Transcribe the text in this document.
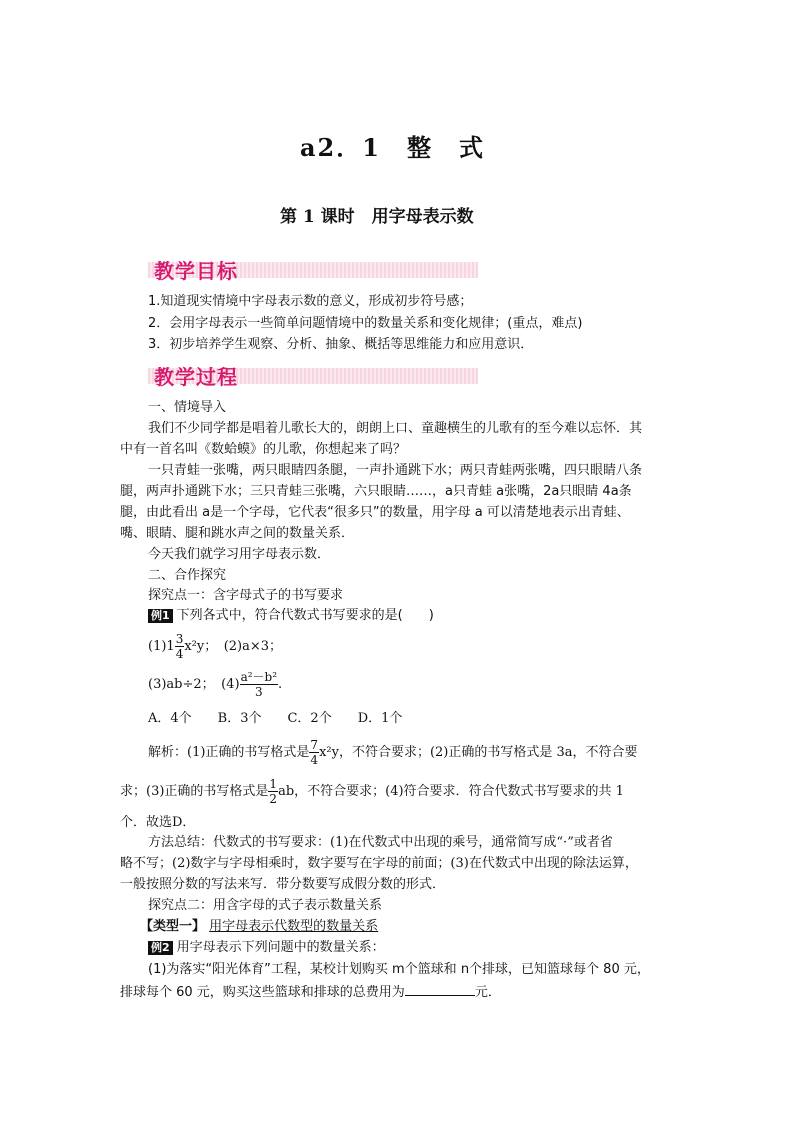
a2．1　整　式
第 1 课时　用字母表示数
教学目标
1.知道现实情境中字母表示数的意义，形成初步符号感；
2．会用字母表示一些简单问题情境中的数量关系和变化规律；(重点，难点)
3．初步培养学生观察、分析、抽象、概括等思维能力和应用意识．
教学过程
一、情境导入
我们不少同学都是唱着儿歌长大的，朗朗上口、童趣横生的儿歌有的至今难以忘怀．其
中有一首名叫《数蛤蟆》的儿歌，你想起来了吗？
一只青蛙一张嘴，两只眼睛四条腿，一声扑通跳下水；两只青蛙两张嘴，四只眼睛八条
腿，两声扑通跳下水；三只青蛙三张嘴，六只眼睛……，a只青蛙 a张嘴，2a只眼睛 4a条
腿，由此看出 a是一个字母，它代表“很多只”的数量，用字母 a 可以清楚地表示出青蛙、
嘴、眼睛、腿和跳水声之间的数量关系．
今天我们就学习用字母表示数．
二、合作探究
探究点一：含字母式子的书写要求
例1 下列各式中，符合代数式书写要求的是(　　)
$(1)1 \frac{3}{4} x^2y$；　(2)a×3；
(3)ab÷2；　$(4) \frac{\text{a²－b²}}{3}$ .
A．4个　　B．3个　　C．2个　　D．1个
解析：(1)正确的书写格式是 $\frac{7}{4} x^2y$，不符合要求；(2)正确的书写格式是 3a，不符合要
求；(3)正确的书写格式是 $\frac{1}{2}$ ab，不符合要求；(4)符合要求．符合代数式书写要求的共 1
个．故选D．
方法总结：代数式的书写要求：(1)在代数式中出现的乘号，通常简写成“·”或者省
略不写；(2)数字与字母相乘时，数字要写在字母的前面；(3)在代数式中出现的除法运算，
一般按照分数的写法来写．带分数要写成假分数的形式．
探究点二：用含字母的式子表示数量关系
【类型一】 用字母表示代数型的数量关系
例2 用字母表示下列问题中的数量关系：
(1)为落实“阳光体育”工程，某校计划购买 m个篮球和 n个排球，已知篮球每个 80 元，
排球每个 60 元，购买这些篮球和排球的总费用为	元．
